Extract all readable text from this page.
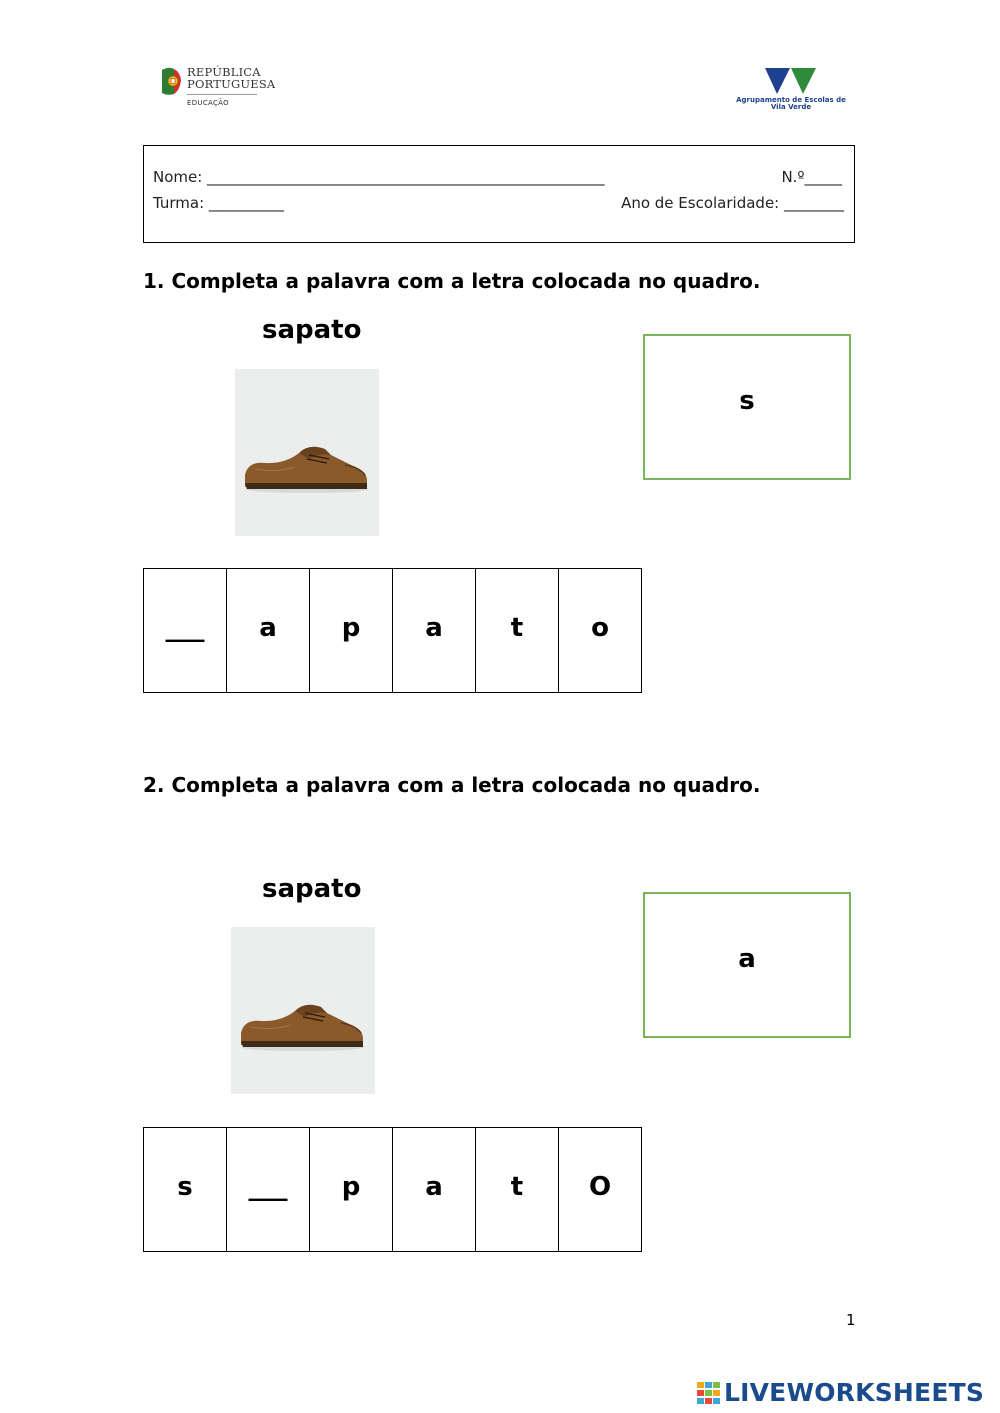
REPÚBLICA
PORTUGUESA
EDUCAÇÃO	Agrupamento de Escolas de
Vila Verde
Nome: _____________________________________________________	N.º_____
Turma: __________	Ano de Escolaridade: ________
1. Completa a palavra com a letra colocada no quadro.
sapato
s
___	a	p	a	t	o
2. Completa a palavra com a letra colocada no quadro.
sapato
a
s	___	p	a	t	O
1
LIVEWORKSHEETS
